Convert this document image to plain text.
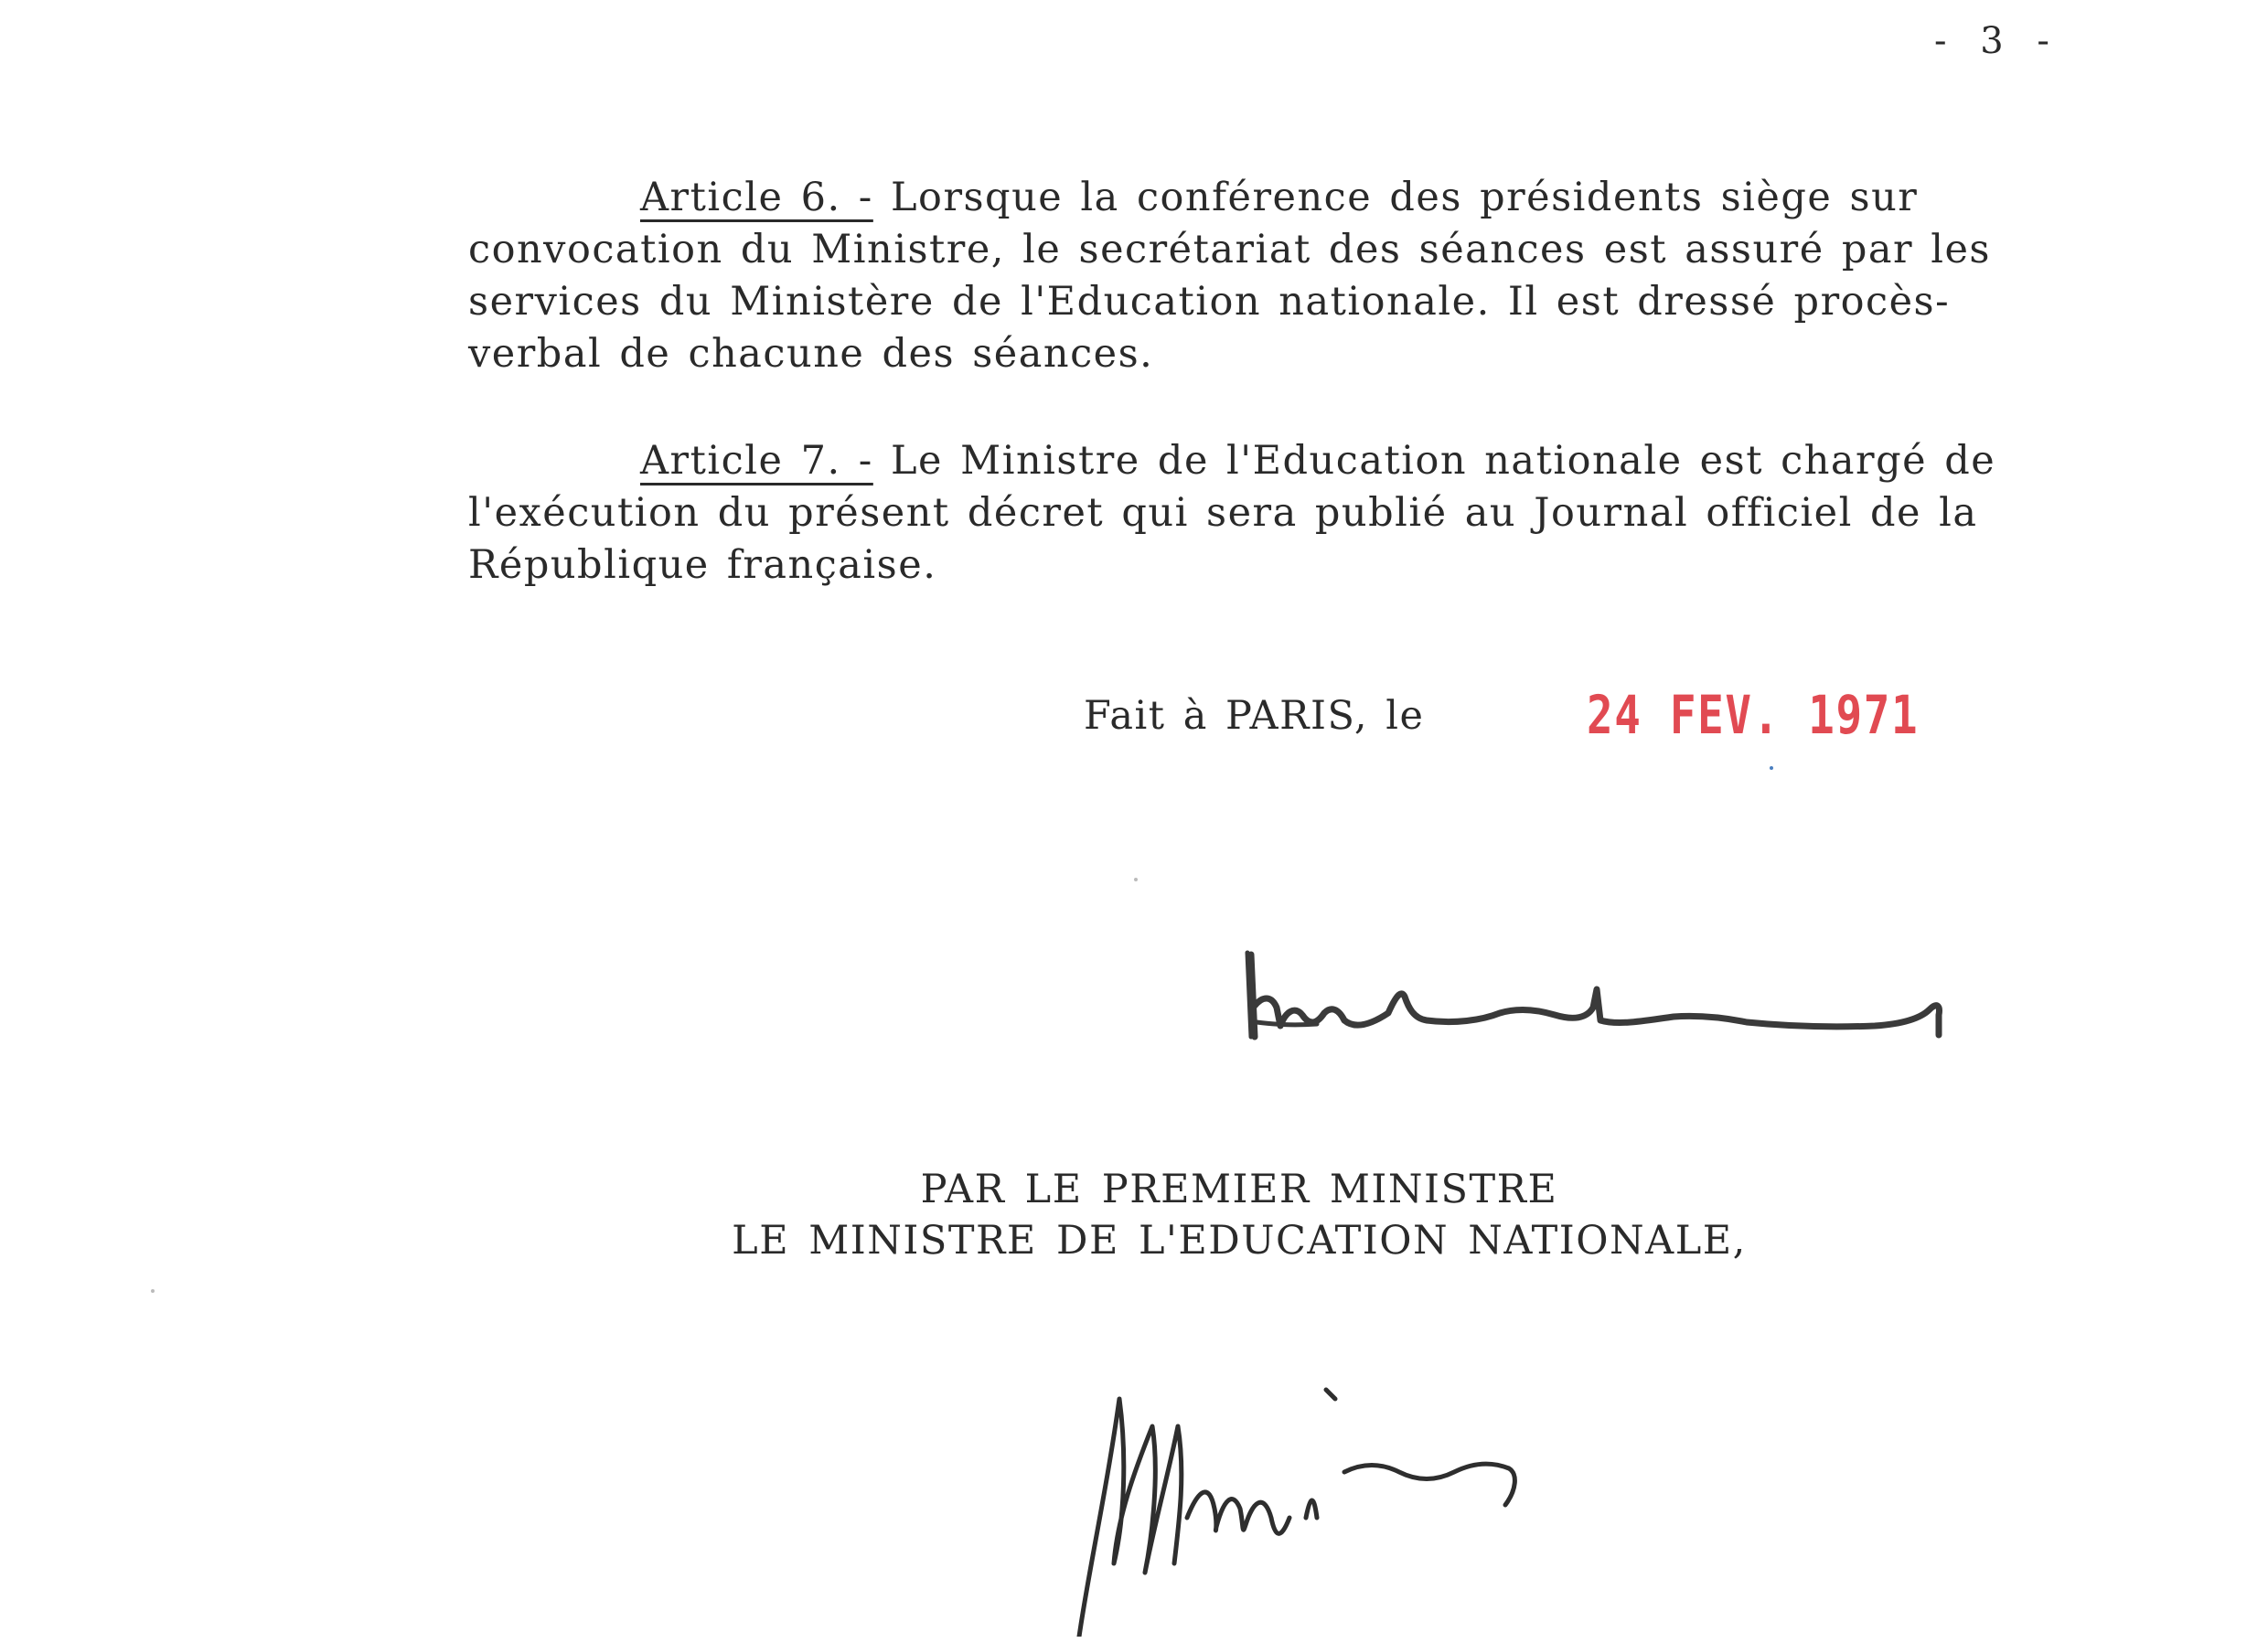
- 3 -
Article 6. - Lorsque la conférence des présidents siège sur
convocation du Ministre, le secrétariat des séances est assuré par les
services du Ministère de l'Education nationale. Il est dressé procès-
verbal de chacune des séances.
Article 7. - Le Ministre de l'Education nationale est chargé de
l'exécution du présent décret qui sera publié au Journal officiel de la
République française.
Fait à PARIS, le	24 FEV. 1971
PAR LE PREMIER MINISTRE
LE MINISTRE DE L'EDUCATION NATIONALE,
